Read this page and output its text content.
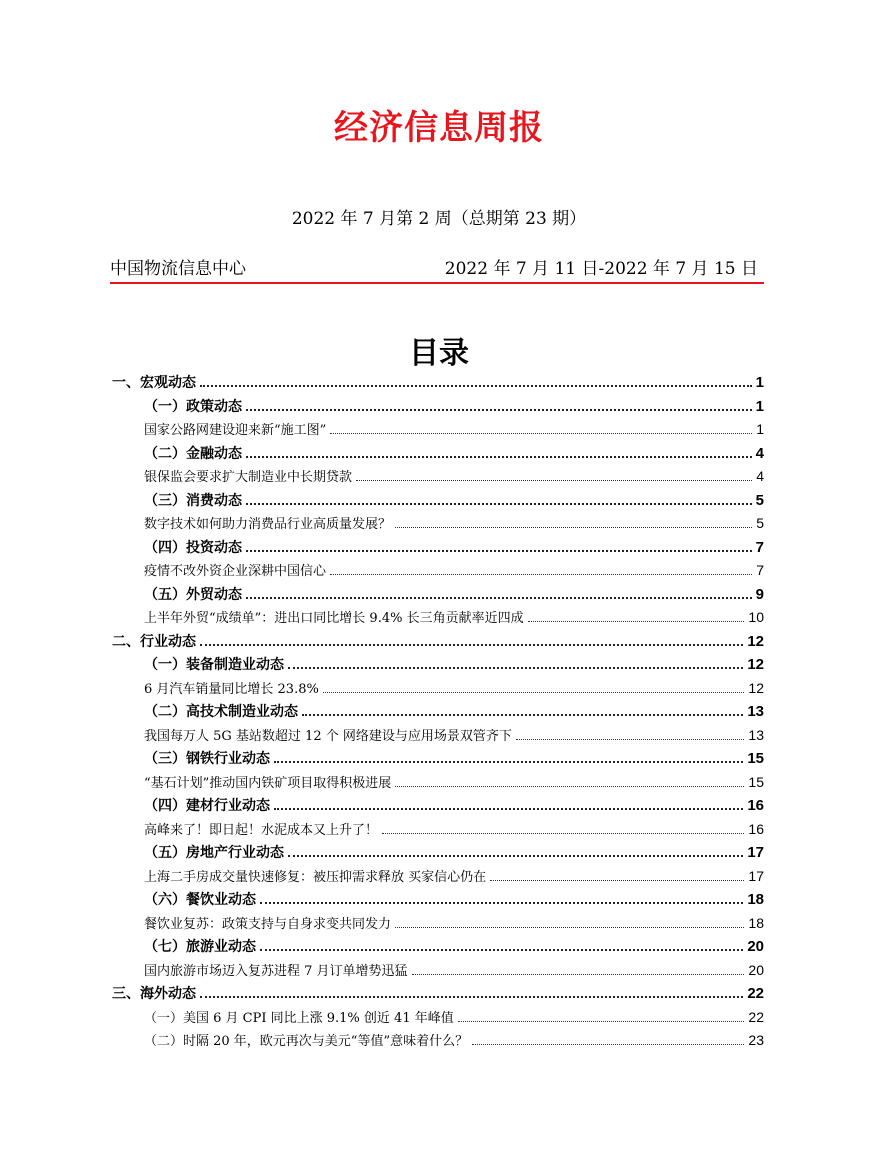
经济信息周报
2022 年 7 月第 2 周（总期第 23 期）
中国物流信息中心	2022 年 7 月 11 日-2022 年 7 月 15 日
目录
一、宏观动态	1
（一）政策动态	1
国家公路网建设迎来新“施工图”	1
（二）金融动态	4
银保监会要求扩大制造业中长期贷款	4
（三）消费动态	5
数字技术如何助力消费品行业高质量发展？	5
（四）投资动态	7
疫情不改外资企业深耕中国信心	7
（五）外贸动态	9
上半年外贸“成绩单”：进出口同比增长 9.4% 长三角贡献率近四成	10
二、行业动态	12
（一）装备制造业动态	12
6 月汽车销量同比增长 23.8%	12
（二）高技术制造业动态	13
我国每万人 5G 基站数超过 12 个 网络建设与应用场景双管齐下	13
（三）钢铁行业动态	15
“基石计划”推动国内铁矿项目取得积极进展	15
（四）建材行业动态	16
高峰来了！即日起！水泥成本又上升了！	16
（五）房地产行业动态	17
上海二手房成交量快速修复：被压抑需求释放 买家信心仍在	17
（六）餐饮业动态	18
餐饮业复苏：政策支持与自身求变共同发力	18
（七）旅游业动态	20
国内旅游市场迈入复苏进程 7 月订单增势迅猛	20
三、海外动态	22
（一）美国 6 月 CPI 同比上涨 9.1% 创近 41 年峰值	22
（二）时隔 20 年，欧元再次与美元“等值”意味着什么？	23
